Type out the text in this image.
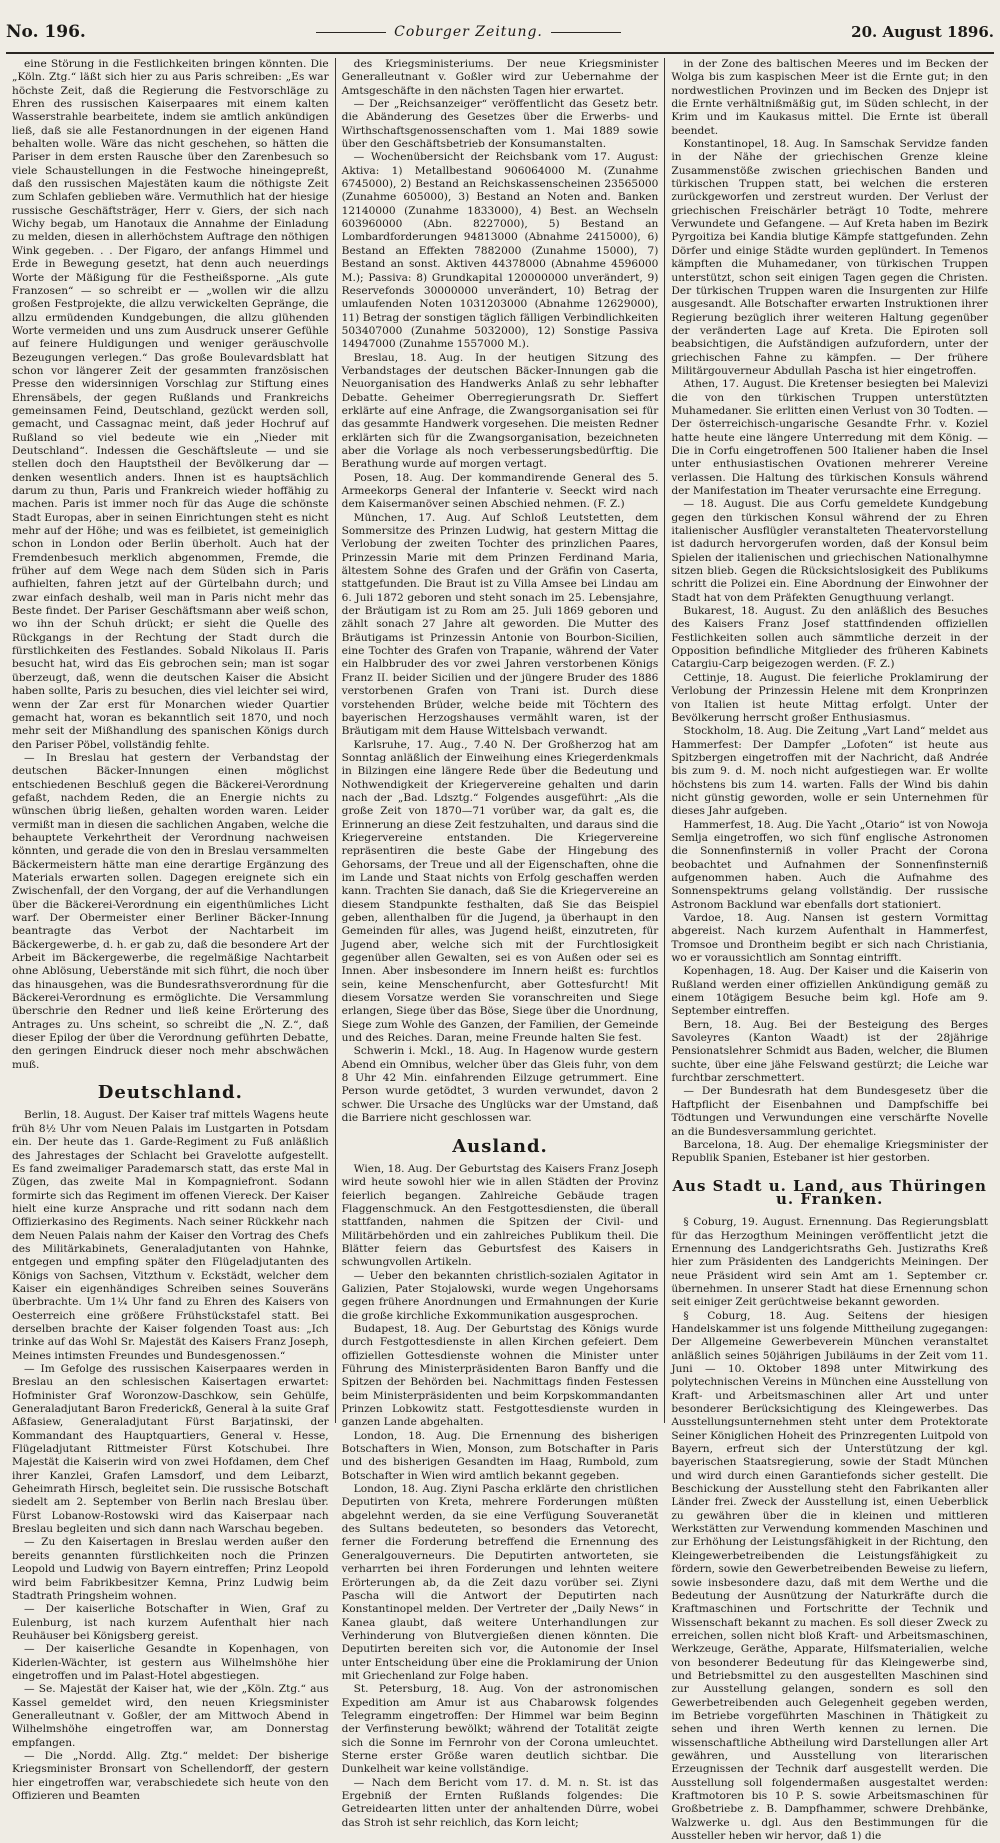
No. 196.	Coburger Zeitung.	20. August 1896.

eine Störung in die Festlichkeiten bringen könnten. Die „Köln. Ztg.“ läßt sich hier zu aus Paris schreiben: „Es war höchste Zeit, daß die Regierung die Festvorschläge zu Ehren des russischen Kaiserpaares mit einem kalten Wasserstrahle bearbeitete, indem sie amtlich ankündigen ließ, daß sie alle Festanordnungen in der eigenen Hand behalten wolle. Wäre das nicht geschehen, so hätten die Pariser in dem ersten Rausche über den Zarenbesuch so viele Schaustellungen in die Festwoche hineingepreßt, daß den russischen Majestäten kaum die nöthigste Zeit zum Schlafen geblieben wäre. Vermuthlich hat der hiesige russische Geschäftsträger, Herr v. Giers, der sich nach Wichy begab, um Hanotaux die Annahme der Einladung zu melden, diesen in allerhöchstem Auftrage den nöthigen Wink gegeben. . . Der Figaro, der anfangs Himmel und Erde in Bewegung gesetzt, hat denn auch neuerdings Worte der Mäßigung für die Festheißsporne. „Als gute Franzosen“ — so schreibt er — „wollen wir die allzu großen Festprojekte, die allzu verwickelten Gepränge, die allzu ermüdenden Kundgebungen, die allzu glühenden Worte vermeiden und uns zum Ausdruck unserer Gefühle auf feinere Huldigungen und weniger geräuschvolle Bezeugungen verlegen.“ Das große Boulevardsblatt hat schon vor längerer Zeit der gesammten französischen Presse den widersinnigen Vorschlag zur Stiftung eines Ehrensäbels, der gegen Rußlands und Frankreichs gemeinsamen Feind, Deutschland, gezückt werden soll, gemacht, und Cassagnac meint, daß jeder Hochruf auf Rußland so viel bedeute wie ein „Nieder mit Deutschland“. Indessen die Geschäftsleute — und sie stellen doch den Hauptstheil der Bevölkerung dar — denken wesentlich anders. Ihnen ist es hauptsächlich darum zu thun, Paris und Frankreich wieder hoffähig zu machen. Paris ist immer noch für das Auge die schönste Stadt Europas, aber in seinen Einrichtungen steht es nicht mehr auf der Höhe; und was es feilbietet, ist gemeiniglich schon in London oder Berlin überholt. Auch hat der Fremdenbesuch merklich abgenommen, Fremde, die früher auf dem Wege nach dem Süden sich in Paris aufhielten, fahren jetzt auf der Gürtelbahn durch; und zwar einfach deshalb, weil man in Paris nicht mehr das Beste findet. Der Pariser Geschäftsmann aber weiß schon, wo ihn der Schuh drückt; er sieht die Quelle des Rückgangs in der Rechtung der Stadt durch die fürstlichkeiten des Festlandes. Sobald Nikolaus II. Paris besucht hat, wird das Eis gebrochen sein; man ist sogar überzeugt, daß, wenn die deutschen Kaiser die Absicht haben sollte, Paris zu besuchen, dies viel leichter sei wird, wenn der Zar erst für Monarchen wieder Quartier gemacht hat, woran es bekanntlich seit 1870, und noch mehr seit der Mißhandlung des spanischen Königs durch den Pariser Pöbel, vollständig fehlte.

— In Breslau hat gestern der Verbandstag der deutschen Bäcker-Innungen einen möglichst entschiedenen Beschluß gegen die Bäckerei-Verordnung gefaßt, nachdem Reden, die an Energie nichts zu wünschen übrig ließen, gehalten worden waren. Leider vermißt man in diesen die sachlichen Angaben, welche die behauptete Verkehrtheit der Verordnung nachweisen könnten, und gerade die von den in Breslau versammelten Bäckermeistern hätte man eine derartige Ergänzung des Materials erwarten sollen. Dagegen ereignete sich ein Zwischenfall, der den Vorgang, der auf die Verhandlungen über die Bäckerei-Verordnung ein eigenthümliches Licht warf. Der Obermeister einer Berliner Bäcker-Innung beantragte das Verbot der Nachtarbeit im Bäckergewerbe, d. h. er gab zu, daß die besondere Art der Arbeit im Bäckergewerbe, die regelmäßige Nachtarbeit ohne Ablösung, Ueberstände mit sich führt, die noch über das hinausgehen, was die Bundesrathsverordnung für die Bäckerei-Verordnung es ermöglichte. Die Versammlung überschrie den Redner und ließ keine Erörterung des Antrages zu. Uns scheint, so schreibt die „N. Z.“, daß dieser Epilog der über die Verordnung geführten Debatte, den geringen Eindruck dieser noch mehr abschwächen muß.

Deutschland.

Berlin, 18. August. Der Kaiser traf mittels Wagens heute früh 8½ Uhr vom Neuen Palais im Lustgarten in Potsdam ein. Der heute das 1. Garde-Regiment zu Fuß anläßlich des Jahrestages der Schlacht bei Gravelotte aufgestellt. Es fand zweimaliger Parademarsch statt, das erste Mal in Zügen, das zweite Mal in Kompagniefront. Sodann formirte sich das Regiment im offenen Viereck. Der Kaiser hielt eine kurze Ansprache und ritt sodann nach dem Offizierkasino des Regiments. Nach seiner Rückkehr nach dem Neuen Palais nahm der Kaiser den Vortrag des Chefs des Militärkabinets, Generaladjutanten von Hahnke, entgegen und empfing später den Flügeladjutanten des Königs von Sachsen, Vitzthum v. Eckstädt, welcher dem Kaiser ein eigenhändiges Schreiben seines Souveräns überbrachte. Um 1¼ Uhr fand zu Ehren des Kaisers von Oesterreich eine größere Frühstückstafel statt. Bei derselben brachte der Kaiser folgenden Toast aus: „Ich trinke auf das Wohl Sr. Majestät des Kaisers Franz Joseph, Meines intimsten Freundes und Bundesgenossen.“

— Im Gefolge des russischen Kaiserpaares werden in Breslau an den schlesischen Kaisertagen erwartet: Hofminister Graf Woronzow-Daschkow, sein Gehülfe, Generaladjutant Baron Frederickß, General à la suite Graf Aßfasiew, Generaladjutant Fürst Barjatinski, der Kommandant des Hauptquartiers, General v. Hesse, Flügeladjutant Rittmeister Fürst Kotschubei. Ihre Majestät die Kaiserin wird von zwei Hofdamen, dem Chef ihrer Kanzlei, Grafen Lamsdorf, und dem Leibarzt, Geheimrath Hirsch, begleitet sein. Die russische Botschaft siedelt am 2. September von Berlin nach Breslau über. Fürst Lobanow-Rostowski wird das Kaiserpaar nach Breslau begleiten und sich dann nach Warschau begeben.

— Zu den Kaisertagen in Breslau werden außer den bereits genannten fürstlichkeiten noch die Prinzen Leopold und Ludwig von Bayern eintreffen; Prinz Leopold wird beim Fabrikbesitzer Kemna, Prinz Ludwig beim Stadtrath Pringsheim wohnen.

— Der kaiserliche Botschafter in Wien, Graf zu Eulenburg, ist nach kurzem Aufenthalt hier nach Reuhäuser bei Königsberg gereist.

— Der kaiserliche Gesandte in Kopenhagen, von Kiderlen-Wächter, ist gestern aus Wilhelmshöhe hier eingetroffen und im Palast-Hotel abgestiegen.

— Se. Majestät der Kaiser hat, wie der „Köln. Ztg.“ aus Kassel gemeldet wird, den neuen Kriegsminister Generalleutnant v. Goßler, der am Mittwoch Abend in Wilhelmshöhe eingetroffen war, am Donnerstag empfangen.

— Die „Nordd. Allg. Ztg.“ meldet: Der bisherige Kriegsminister Bronsart von Schellendorff, der gestern hier eingetroffen war, verabschiedete sich heute von den Offizieren und Beamten

des Kriegsministeriums. Der neue Kriegsminister Generalleutnant v. Goßler wird zur Uebernahme der Amtsgeschäfte in den nächsten Tagen hier erwartet.

— Der „Reichsanzeiger“ veröffentlicht das Gesetz betr. die Abänderung des Gesetzes über die Erwerbs- und Wirthschaftsgenossenschaften vom 1. Mai 1889 sowie über den Geschäftsbetrieb der Konsumanstalten.

— Wochenübersicht der Reichsbank vom 17. August: Aktiva: 1) Metallbestand 906064000 M. (Zunahme 6745000), 2) Bestand an Reichskassenscheinen 23565000 (Zunahme 605000), 3) Bestand an Noten and. Banken 12140000 (Zunahme 1833000), 4) Best. an Wechseln 603960000 (Abn. 8227000), 5) Bestand an Lombardforderungen 94813000 (Abnahme 2415000), 6) Bestand an Effekten 7882000 (Zunahme 15000), 7) Bestand an sonst. Aktiven 44378000 (Abnahme 4596000 M.); Passiva: 8) Grundkapital 120000000 unverändert, 9) Reservefonds 30000000 unverändert, 10) Betrag der umlaufenden Noten 1031203000 (Abnahme 12629000), 11) Betrag der sonstigen täglich fälligen Verbindlichkeiten 503407000 (Zunahme 5032000), 12) Sonstige Passiva 14947000 (Zunahme 1557000 M.).

Breslau, 18. Aug. In der heutigen Sitzung des Verbandstages der deutschen Bäcker-Innungen gab die Neuorganisation des Handwerks Anlaß zu sehr lebhafter Debatte. Geheimer Oberregierungsrath Dr. Sieffert erklärte auf eine Anfrage, die Zwangsorganisation sei für das gesammte Handwerk vorgesehen. Die meisten Redner erklärten sich für die Zwangsorganisation, bezeichneten aber die Vorlage als noch verbesserungsbedürftig. Die Berathung wurde auf morgen vertagt.

Posen, 18. Aug. Der kommandirende General des 5. Armeekorps General der Infanterie v. Seeckt wird nach dem Kaisermanöver seinen Abschied nehmen. (F. Z.)

München, 17. Aug. Auf Schloß Leutstetten, dem Sommersitze des Prinzen Ludwig, hat gestern Mittag die Verlobung der zweiten Tochter des prinzlichen Paares, Prinzessin Marie mit dem Prinzen Ferdinand Maria, ältestem Sohne des Grafen und der Gräfin von Caserta, stattgefunden. Die Braut ist zu Villa Amsee bei Lindau am 6. Juli 1872 geboren und steht sonach im 25. Lebensjahre, der Bräutigam ist zu Rom am 25. Juli 1869 geboren und zählt sonach 27 Jahre alt geworden. Die Mutter des Bräutigams ist Prinzessin Antonie von Bourbon-Sicilien, eine Tochter des Grafen von Trapanie, während der Vater ein Halbbruder des vor zwei Jahren verstorbenen Königs Franz II. beider Sicilien und der jüngere Bruder des 1886 verstorbenen Grafen von Trani ist. Durch diese vorstehenden Brüder, welche beide mit Töchtern des bayerischen Herzogshauses vermählt waren, ist der Bräutigam mit dem Hause Wittelsbach verwandt.

Karlsruhe, 17. Aug., 7.40 N. Der Großherzog hat am Sonntag anläßlich der Einweihung eines Kriegerdenkmals in Bilzingen eine längere Rede über die Bedeutung und Nothwendigkeit der Kriegervereine gehalten und darin nach der „Bad. Ldsztg.“ Folgendes ausgeführt: „Als die große Zeit von 1870—71 vorüber war, da galt es, die Erinnerung an diese Zeit festzuhalten, und daraus sind die Kriegervereine entstanden. Die Kriegervereine repräsentiren die beste Gabe der Hingebung des Gehorsams, der Treue und all der Eigenschaften, ohne die im Lande und Staat nichts von Erfolg geschaffen werden kann. Trachten Sie danach, daß Sie die Kriegervereine an diesem Standpunkte festhalten, daß Sie das Beispiel geben, allenthalben für die Jugend, ja überhaupt in den Gemeinden für alles, was Jugend heißt, einzutreten, für Jugend aber, welche sich mit der Furchtlosigkeit gegenüber allen Gewalten, sei es von Außen oder sei es Innen. Aber insbesondere im Innern heißt es: furchtlos sein, keine Menschenfurcht, aber Gottesfurcht! Mit diesem Vorsatze werden Sie voranschreiten und Siege erlangen, Siege über das Böse, Siege über die Unordnung, Siege zum Wohle des Ganzen, der Familien, der Gemeinde und des Reiches. Daran, meine Freunde halten Sie fest.

Schwerin i. Mckl., 18. Aug. In Hagenow wurde gestern Abend ein Omnibus, welcher über das Gleis fuhr, von dem 8 Uhr 42 Min. einfahrenden Eilzuge getrummert. Eine Person wurde getödtet, 3 wurden verwundet, davon 2 schwer. Die Ursache des Unglücks war der Umstand, daß die Barriere nicht geschlossen war.

Ausland.

Wien, 18. Aug. Der Geburtstag des Kaisers Franz Joseph wird heute sowohl hier wie in allen Städten der Provinz feierlich begangen. Zahlreiche Gebäude tragen Flaggenschmuck. An den Festgottesdiensten, die überall stattfanden, nahmen die Spitzen der Civil- und Militärbehörden und ein zahlreiches Publikum theil. Die Blätter feiern das Geburtsfest des Kaisers in schwungvollen Artikeln.

— Ueber den bekannten christlich-sozialen Agitator in Galizien, Pater Stojalowski, wurde wegen Ungehorsams gegen frühere Anordnungen und Ermahnungen der Kurie die große kirchliche Exkommunikation ausgesprochen.

Budapest, 18. Aug. Der Geburtstag des Königs wurde durch Festgottesdienste in allen Kirchen gefeiert. Dem offiziellen Gottesdienste wohnen die Minister unter Führung des Ministerpräsidenten Baron Banffy und die Spitzen der Behörden bei. Nachmittags finden Festessen beim Ministerpräsidenten und beim Korpskommandanten Prinzen Lobkowitz statt. Festgottesdienste wurden in ganzen Lande abgehalten.

London, 18. Aug. Die Ernennung des bisherigen Botschafters in Wien, Monson, zum Botschafter in Paris und des bisherigen Gesandten im Haag, Rumbold, zum Botschafter in Wien wird amtlich bekannt gegeben.

London, 18. Aug. Ziyni Pascha erklärte den christlichen Deputirten von Kreta, mehrere Forderungen müßten abgelehnt werden, da sie eine Verfügung Souveranetät des Sultans bedeuteten, so besonders das Vetorecht, ferner die Forderung betreffend die Ernennung des Generalgouverneurs. Die Deputirten antworteten, sie verharrten bei ihren Forderungen und lehnten weitere Erörterungen ab, da die Zeit dazu vorüber sei. Ziyni Pascha will die Antwort der Deputirten nach Konstantinopel melden. Der Vertreter der „Daily News“ in Kanea glaubt, daß weitere Unterhandlungen zur Verhinderung von Blutvergießen dienen könnten. Die Deputirten bereiten sich vor, die Autonomie der Insel unter Entscheidung über eine die Proklamirung der Union mit Griechenland zur Folge haben.

St. Petersburg, 18. Aug. Von der astronomischen Expedition am Amur ist aus Chabarowsk folgendes Telegramm eingetroffen: Der Himmel war beim Beginn der Verfinsterung bewölkt; während der Totalität zeigte sich die Sonne im Fernrohr von der Corona umleuchtet. Sterne erster Größe waren deutlich sichtbar. Die Dunkelheit war keine vollständige.

— Nach dem Bericht vom 17. d. M. n. St. ist das Ergebniß der Ernten Rußlands folgendes: Die Getreidearten litten unter der anhaltenden Dürre, wobei das Stroh ist sehr reichlich, das Korn leicht;

in der Zone des baltischen Meeres und im Becken der Wolga bis zum kaspischen Meer ist die Ernte gut; in den nordwestlichen Provinzen und im Becken des Dnjepr ist die Ernte verhältnißmäßig gut, im Süden schlecht, in der Krim und im Kaukasus mittel. Die Ernte ist überall beendet.

Konstantinopel, 18. Aug. In Samschak Servidze fanden in der Nähe der griechischen Grenze kleine Zusammenstöße zwischen griechischen Banden und türkischen Truppen statt, bei welchen die ersteren zurückgeworfen und zerstreut wurden. Der Verlust der griechischen Freischärler beträgt 10 Todte, mehrere Verwundete und Gefangene. — Auf Kreta haben im Bezirk Pyrgoitiza bei Kandia blutige Kämpfe stattgefunden. Zehn Dörfer und einige Städte wurden geplündert. In Temenos kämpften die Muhamedaner, von türkischen Truppen unterstützt, schon seit einigen Tagen gegen die Christen. Der türkischen Truppen waren die Insurgenten zur Hilfe ausgesandt. Alle Botschafter erwarten Instruktionen ihrer Regierung bezüglich ihrer weiteren Haltung gegenüber der veränderten Lage auf Kreta. Die Epiroten soll beabsichtigen, die Aufständigen aufzufordern, unter der griechischen Fahne zu kämpfen. — Der frühere Militärgouverneur Abdullah Pascha ist hier eingetroffen.

Athen, 17. August. Die Kretenser besiegten bei Malevizi die von den türkischen Truppen unterstützten Muhamedaner. Sie erlitten einen Verlust von 30 Todten. — Der österreichisch-ungarische Gesandte Frhr. v. Koziel hatte heute eine längere Unterredung mit dem König. — Die in Corfu eingetroffenen 500 Italiener haben die Insel unter enthusiastischen Ovationen mehrerer Vereine verlassen. Die Haltung des türkischen Konsuls während der Manifestation im Theater verursachte eine Erregung.

— 18. August. Die aus Corfu gemeldete Kundgebung gegen den türkischen Konsul während der zu Ehren italienischer Ausflügler veranstalteten Theatervorstellung ist dadurch hervorgerufen worden, daß der Konsul beim Spielen der italienischen und griechischen Nationalhymne sitzen blieb. Gegen die Rücksichtslosigkeit des Publikums schritt die Polizei ein. Eine Abordnung der Einwohner der Stadt hat von dem Präfekten Genugthuung verlangt.

Bukarest, 18. August. Zu den anläßlich des Besuches des Kaisers Franz Josef stattfindenden offiziellen Festlichkeiten sollen auch sämmtliche derzeit in der Opposition befindliche Mitglieder des früheren Kabinets Catargiu-Carp beigezogen werden. (F. Z.)

Cettinje, 18. August. Die feierliche Proklamirung der Verlobung der Prinzessin Helene mit dem Kronprinzen von Italien ist heute Mittag erfolgt. Unter der Bevölkerung herrscht großer Enthusiasmus.

Stockholm, 18. Aug. Die Zeitung „Vart Land“ meldet aus Hammerfest: Der Dampfer „Lofoten“ ist heute aus Spitzbergen eingetroffen mit der Nachricht, daß Andrée bis zum 9. d. M. noch nicht aufgestiegen war. Er wollte höchstens bis zum 14. warten. Falls der Wind bis dahin nicht günstig geworden, wolle er sein Unternehmen für dieses Jahr aufgeben.

Hammerfest, 18. Aug. Die Yacht „Otario“ ist von Nowoja Semlja eingetroffen, wo sich fünf englische Astronomen die Sonnenfinsterniß in voller Pracht der Corona beobachtet und Aufnahmen der Sonnenfinsterniß aufgenommen haben. Auch die Aufnahme des Sonnenspektrums gelang vollständig. Der russische Astronom Backlund war ebenfalls dort stationiert.

Vardoe, 18. Aug. Nansen ist gestern Vormittag abgereist. Nach kurzem Aufenthalt in Hammerfest, Tromsoe und Drontheim begibt er sich nach Christiania, wo er voraussichtlich am Sonntag eintrifft.

Kopenhagen, 18. Aug. Der Kaiser und die Kaiserin von Rußland werden einer offiziellen Ankündigung gemäß zu einem 10tägigem Besuche beim kgl. Hofe am 9. September eintreffen.

Bern, 18. Aug. Bei der Besteigung des Berges Savoleyres (Kanton Waadt) ist der 28jährige Pensionatslehrer Schmidt aus Baden, welcher, die Blumen suchte, über eine jähe Felswand gestürzt; die Leiche war furchtbar zerschmettert.

— Der Bundesrath hat dem Bundesgesetz über die Haftpflicht der Eisenbahnen und Dampfschiffe bei Tödtungen und Verwundungen eine verschärfte Novelle an die Bundesversammlung gerichtet.

Barcelona, 18. Aug. Der ehemalige Kriegsminister der Republik Spanien, Estebaner ist hier gestorben.

Aus Stadt u. Land, aus Thüringen u. Franken.

§ Coburg, 19. August. Ernennung. Das Regierungsblatt für das Herzogthum Meiningen veröffentlicht jetzt die Ernennung des Landgerichtsraths Geh. Justizraths Kreß hier zum Präsidenten des Landgerichts Meiningen. Der neue Präsident wird sein Amt am 1. September cr. übernehmen. In unserer Stadt hat diese Ernennung schon seit einiger Zeit gerüchtweise bekannt geworden.

§ Coburg, 18. Aug. Seitens der hiesigen Handelskammer ist uns folgende Mittheilung zugegangen: Der Allgemeine Gewerbeverein München veranstaltet anläßlich seines 50jährigen Jubiläums in der Zeit vom 11. Juni — 10. Oktober 1898 unter Mitwirkung des polytechnischen Vereins in München eine Ausstellung von Kraft- und Arbeitsmaschinen aller Art und unter besonderer Berücksichtigung des Kleingewerbes. Das Ausstellungsunternehmen steht unter dem Protektorate Seiner Königlichen Hoheit des Prinzregenten Luitpold von Bayern, erfreut sich der Unterstützung der kgl. bayerischen Staatsregierung, sowie der Stadt München und wird durch einen Garantiefonds sicher gestellt. Die Beschickung der Ausstellung steht den Fabrikanten aller Länder frei. Zweck der Ausstellung ist, einen Ueberblick zu gewähren über die in kleinen und mittleren Werkstätten zur Verwendung kommenden Maschinen und zur Erhöhung der Leistungsfähigkeit in der Richtung, den Kleingewerbetreibenden die Leistungsfähigkeit zu fördern, sowie den Gewerbetreibenden Beweise zu liefern, sowie insbesondere dazu, daß mit dem Werthe und die Bedeutung der Ausnützung der Naturkräfte durch die Kraftmaschinen und Fortschritte der Technik und Wissenschaft bekannt zu machen. Es soll dieser Zweck zu erreichen, sollen nicht bloß Kraft- und Arbeitsmaschinen, Werkzeuge, Geräthe, Apparate, Hilfsmaterialien, welche von besonderer Bedeutung für das Kleingewerbe sind, und Betriebsmittel zu den ausgestellten Maschinen sind zur Ausstellung gelangen, sondern es soll den Gewerbetreibenden auch Gelegenheit gegeben werden, im Betriebe vorgeführten Maschinen in Thätigkeit zu sehen und ihren Werth kennen zu lernen. Die wissenschaftliche Abtheilung wird Darstellungen aller Art gewähren, und Ausstellung von literarischen Erzeugnissen der Technik darf ausgestellt werden. Die Ausstellung soll folgendermaßen ausgestaltet werden: Kraftmotoren bis 10 P. S. sowie Arbeitsmaschinen für Großbetriebe z. B. Dampfhammer, schwere Drehbänke, Walzwerke u. dgl. Aus den Bestimmungen für die Aussteller heben wir hervor, daß 1) die
